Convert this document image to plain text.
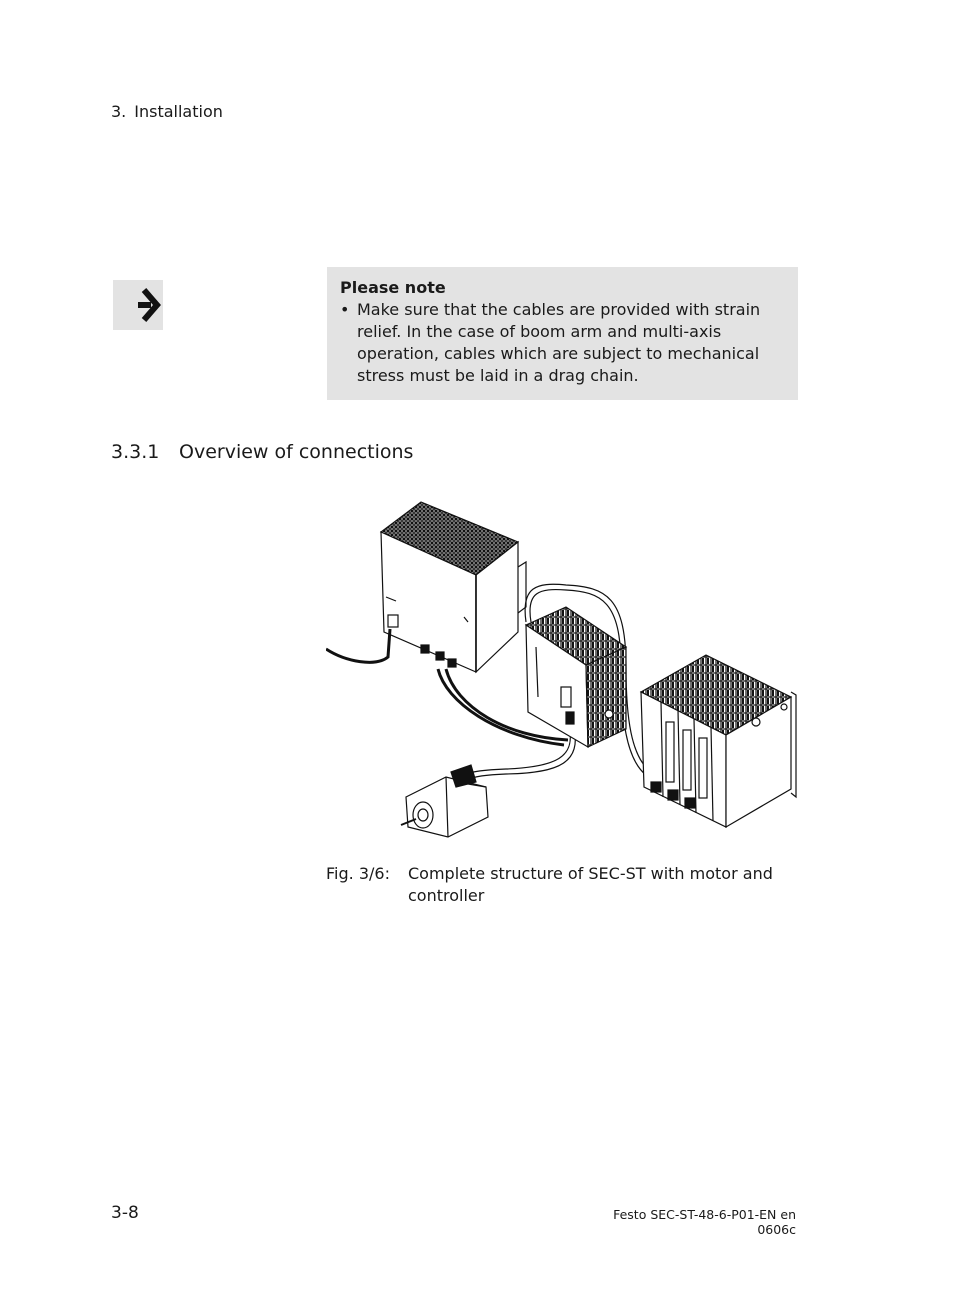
3. Installation
Please note
• Make sure that the cables are provided with strain relief. In the case of boom arm and multi-axis operation, cables which are subject to mechanical stress must be laid in a drag chain.
3.3.1 Overview of connections
Fig. 3/6:	Complete structure of SEC-ST with motor and controller
3-8	Festo SEC-ST-48-6-P01-EN en 0606c
